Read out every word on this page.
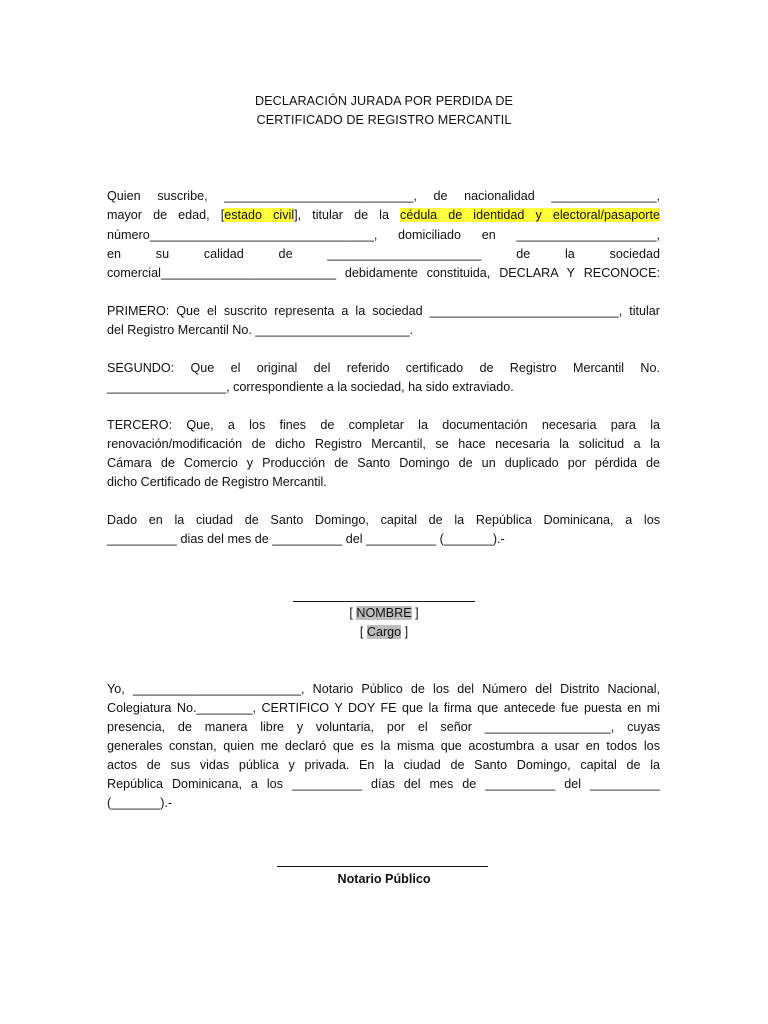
DECLARACIÓN JURADA POR PERDIDA DE
CERTIFICADO DE REGISTRO MERCANTIL
Quien suscribe, ___________________________, de nacionalidad _______________,
mayor de edad, [estado civil], titular de la cédula de identidad y electoral/pasaporte
número________________________________, domiciliado en ____________________,
en su calidad de ______________________ de la sociedad
comercial_________________________ debidamente constituida, DECLARA Y RECONOCE:
PRIMERO: Que el suscrito representa a la sociedad ___________________________, titular
del Registro Mercantil No. ______________________.
SEGUNDO: Que el original del referido certificado de Registro Mercantil No.
_________________, correspondiente a la sociedad, ha sido extraviado.
TERCERO: Que, a los fines de completar la documentación necesaria para la
renovación/modificación de dicho Registro Mercantil, se hace necesaria la solicitud a la
Cámara de Comercio y Producción de Santo Domingo de un duplicado por pérdida de
dicho Certificado de Registro Mercantil.
Dado en la ciudad de Santo Domingo, capital de la República Dominicana, a los
__________ dias del mes de __________ del __________ (_______).-
[ NOMBRE ]
[ Cargo ]
Yo, ________________________, Notario Público de los del Número del Distrito Nacional,
Colegiatura No.________, CERTIFICO Y DOY FE que la firma que antecede fue puesta en mi
presencia, de manera libre y voluntaria, por el señor __________________, cuyas
generales constan, quien me declaró que es la misma que acostumbra a usar en todos los
actos de sus vidas pública y privada. En la ciudad de Santo Domingo, capital de la
República Dominicana, a los __________ días del mes de __________ del __________
(_______).-
Notario Público
